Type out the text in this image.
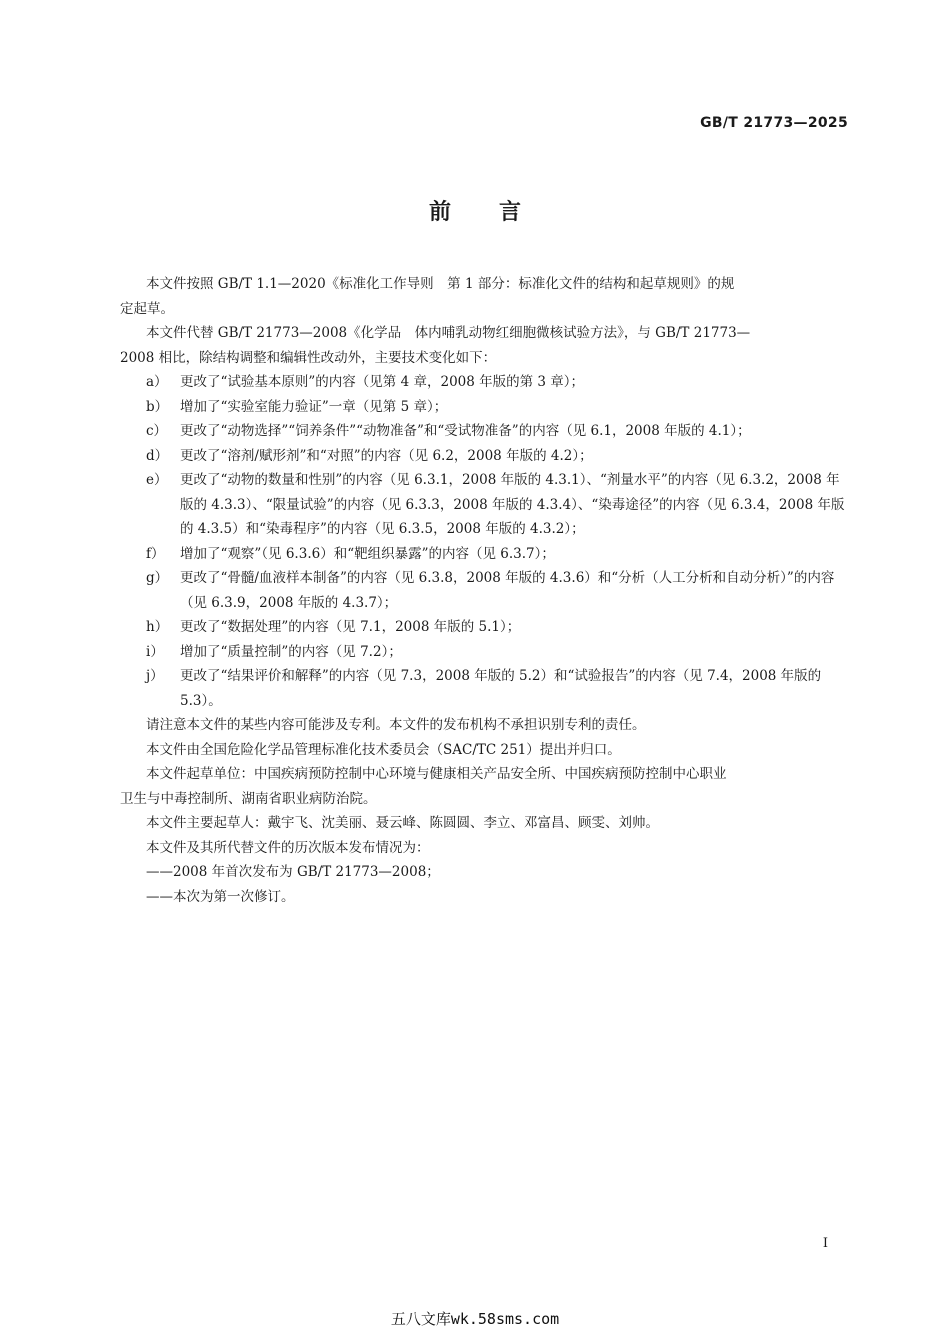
GB/T 21773—2025
前言

本文件按照 GB/T 1.1—2020《标准化工作导则　第 1 部分：标准化文件的结构和起草规则》的规

定起草。

本文件代替 GB/T 21773—2008《化学品　体内哺乳动物红细胞微核试验方法》，与 GB/T 21773—

2008 相比，除结构调整和编辑性改动外，主要技术变化如下：

a） 更改了“试验基本原则”的内容（见第 4 章，2008 年版的第 3 章）；

b） 增加了“实验室能力验证”一章（见第 5 章）；

c） 更改了“动物选择”“饲养条件”“动物准备”和“受试物准备”的内容（见 6.1，2008 年版的 4.1）；

d） 更改了“溶剂/赋形剂”和“对照”的内容（见 6.2，2008 年版的 4.2）；

e） 更改了“动物的数量和性别”的内容（见 6.3.1，2008 年版的 4.3.1）、“剂量水平”的内容（见 6.3.2，2008 年版的 4.3.3）、“限量试验”的内容（见 6.3.3，2008 年版的 4.3.4）、“染毒途径”的内容（见 6.3.4，2008 年版的 4.3.5）和“染毒程序”的内容（见 6.3.5，2008 年版的 4.3.2）；

f） 增加了“观察”（见 6.3.6）和“靶组织暴露”的内容（见 6.3.7）；

g） 更改了“骨髓/血液样本制备”的内容（见 6.3.8，2008 年版的 4.3.6）和“分析（人工分析和自动分析）”的内容（见 6.3.9，2008 年版的 4.3.7）；

h） 更改了“数据处理”的内容（见 7.1，2008 年版的 5.1）；

i） 增加了“质量控制”的内容（见 7.2）；

j） 更改了“结果评价和解释”的内容（见 7.3，2008 年版的 5.2）和“试验报告”的内容（见 7.4，2008 年版的 5.3）。

请注意本文件的某些内容可能涉及专利。本文件的发布机构不承担识别专利的责任。

本文件由全国危险化学品管理标准化技术委员会（SAC/TC 251）提出并归口。

本文件起草单位：中国疾病预防控制中心环境与健康相关产品安全所、中国疾病预防控制中心职业

卫生与中毒控制所、湖南省职业病防治院。

本文件主要起草人：戴宇飞、沈美丽、聂云峰、陈圆圆、李立、邓富昌、顾雯、刘帅。

本文件及其所代替文件的历次版本发布情况为：

——2008 年首次发布为 GB/T 21773—2008；

——本次为第一次修订。

I
五八文库wk.58sms.com
